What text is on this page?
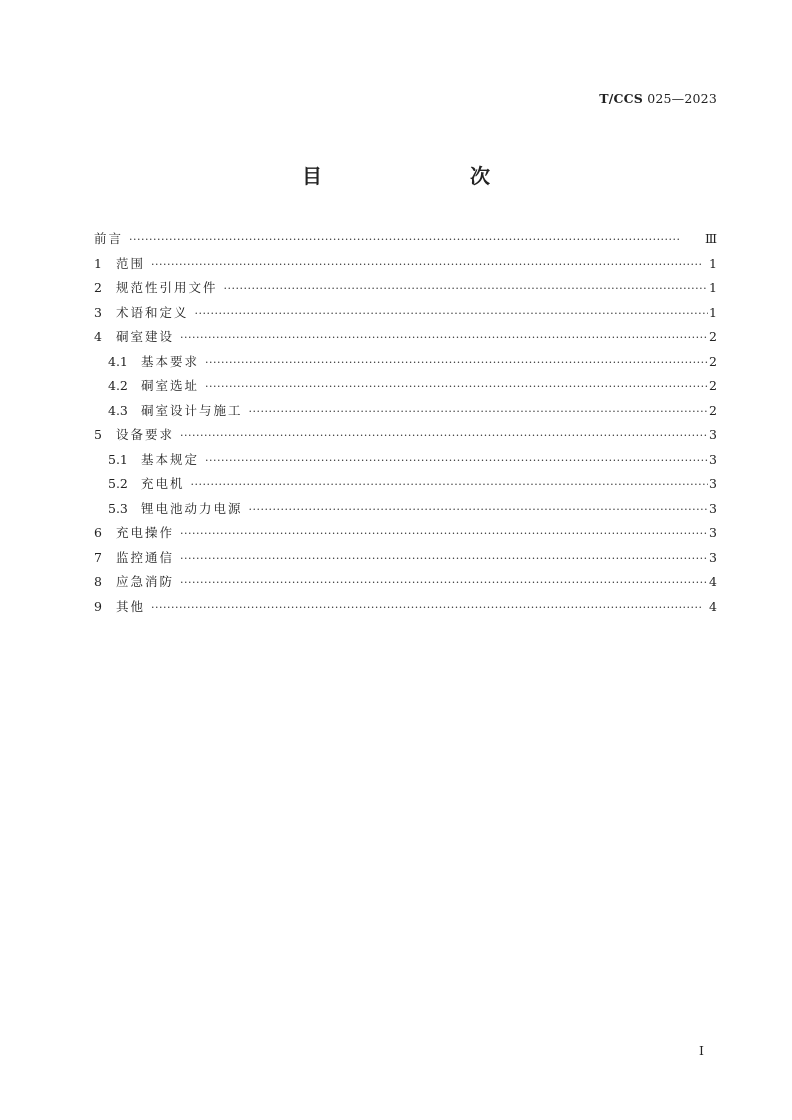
T/CCS 025—2023
目　　次
前言 ·····	Ⅲ
1	范围 ·····	1
2	规范性引用文件 ·····	1
3	术语和定义 ·····	1
4	硐室建设 ·····	2
4.1	基本要求 ·····	2
4.2	硐室选址 ·····	2
4.3	硐室设计与施工 ·····	2
5	设备要求 ·····	3
5.1	基本规定 ·····	3
5.2	充电机 ·····	3
5.3	锂电池动力电源 ·····	3
6	充电操作 ·····	3
7	监控通信 ·····	3
8	应急消防 ·····	4
9	其他 ·····	4
I
